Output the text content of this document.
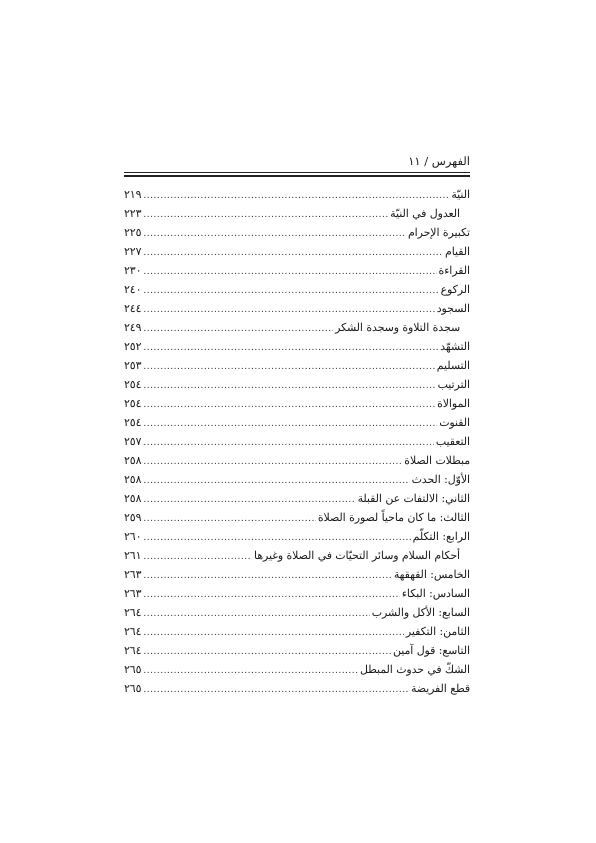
الفهرس / ١١
النيّة
.....
٢١٩
العدول في النيّة
.....
٢٢٣
تكبيرة الإحرام
.....
٢٢٥
القيام
.....
٢٢٧
القراءة
.....
٢٣٠
الركوع
.....
٢٤٠
السجود
.....
٢٤٤
سجدة التلاوة وسجدة الشكر
.....
٢٤٩
التشهّد
.....
٢٥٢
التسليم
.....
٢٥٣
الترتيب
.....
٢٥٤
الموالاة
.....
٢٥٤
القنوت
.....
٢٥٤
التعقيب
.....
٢٥٧
مبطلات الصلاة
.....
٢٥٨
الأوّل: الحدث
.....
٢٥٨
الثاني: الالتفات عن القبلة
.....
٢٥٨
الثالث: ما كان ماحياً لصورة الصلاة
.....
٢٥٩
الرابع: التكلّم
.....
٢٦٠
أحكام السلام وسائر التحيّات في الصلاة وغيرها
.....
٢٦١
الخامس: القهقهة
.....
٢٦٣
السادس: البكاء
.....
٢٦٣
السابع: الأكل والشرب
.....
٢٦٤
الثامن: التكفير
.....
٢٦٤
التاسع: قول آمين
.....
٢٦٤
الشكّ في حدوث المبطل
.....
٢٦٥
قطع الفريضة
.....
٢٦٥
